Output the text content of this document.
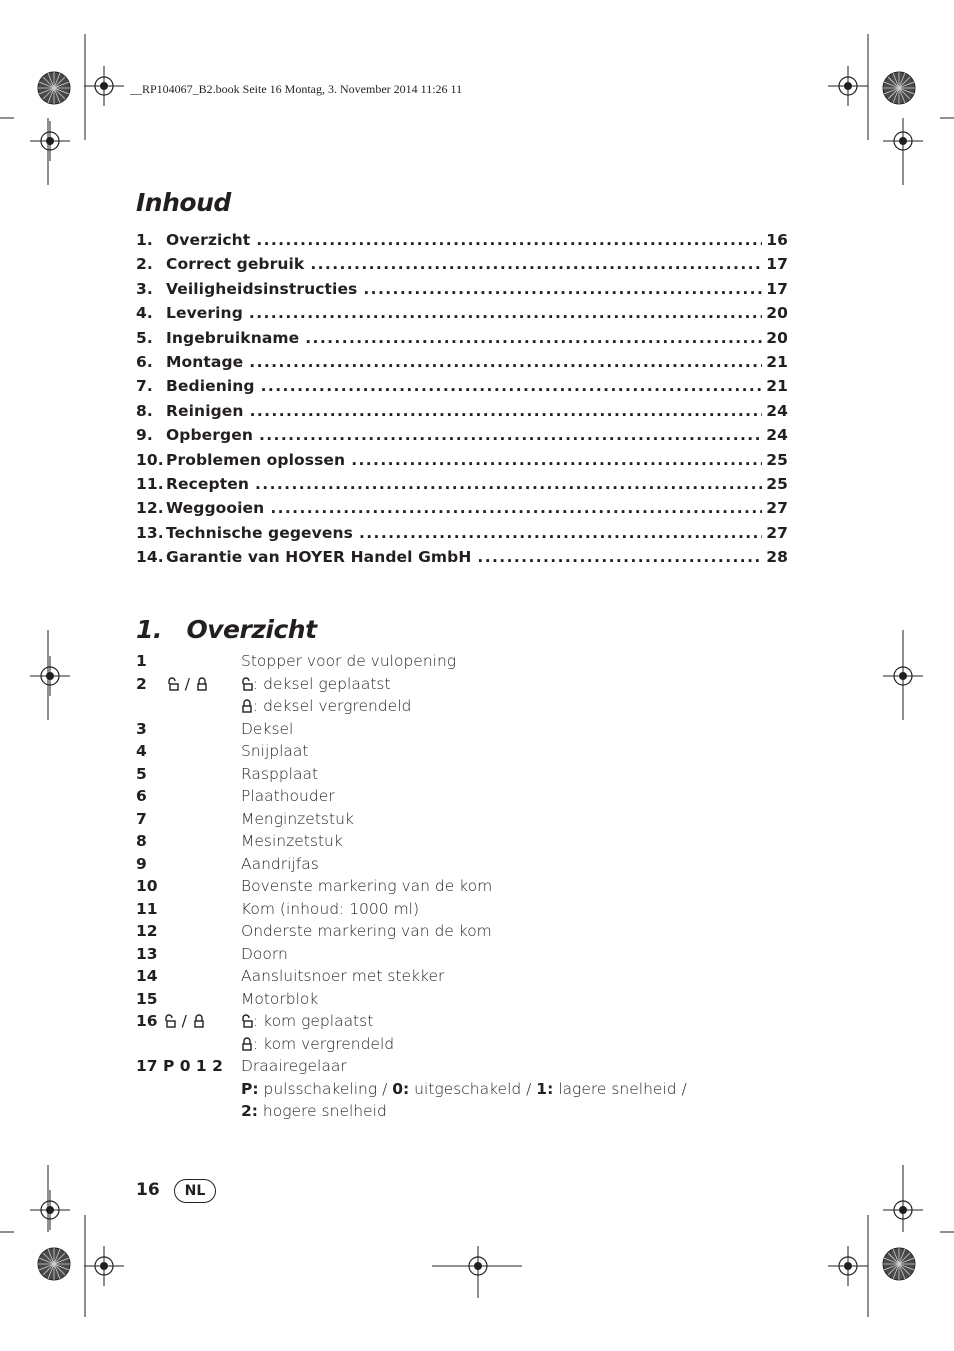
__RP104067_B2.book Seite 16 Montag, 3. November 2014 11:26 11
Inhoud
1. Overzicht .....	16
2. Correct gebruik .....	17
3. Veiligheidsinstructies .....	17
4. Levering .....	20
5. Ingebruikname .....	20
6. Montage .....	21
7. Bediening .....	21
8. Reinigen .....	24
9. Opbergen .....	24
10. Problemen oplossen .....	25
11. Recepten .....	25
12. Weggooien .....	27
13. Technische gegevens .....	27
14. Garantie van HOYER Handel GmbH .....	28
1.   Overzicht
1	Stopper voor de vulopening
2 /	: deksel geplaatst
: deksel vergrendeld
3	Deksel
4	Snijplaat
5	Raspplaat
6	Plaathouder
7	Menginzetstuk
8	Mesinzetstuk
9	Aandrijfas
10	Bovenste markering van de kom
11	Kom (inhoud: 1000 ml)
12	Onderste markering van de kom
13	Doorn
14	Aansluitsnoer met stekker
15	Motorblok
16 /	: kom geplaatst
: kom vergrendeld
17 P 0 1 2	Draairegelaar
P: pulsschakeling / 0: uitgeschakeld / 1: lagere snelheid /
2: hogere snelheid
16	NL
